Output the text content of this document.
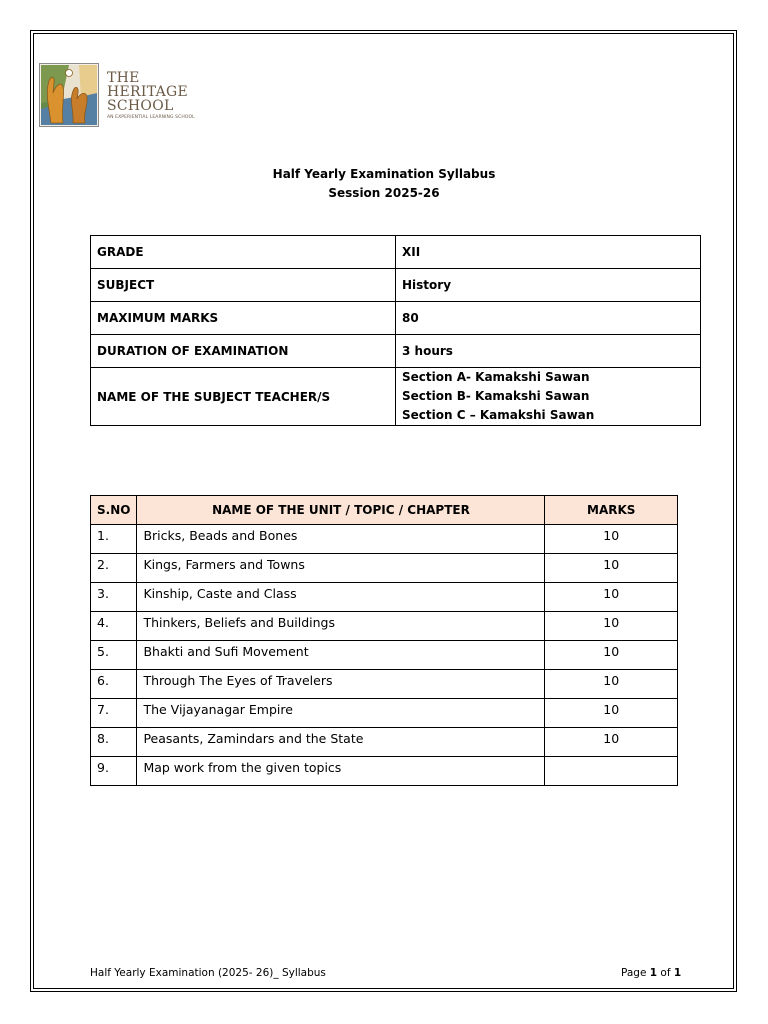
THE
HERITAGE
SCHOOL
AN EXPERIENTIAL LEARNING SCHOOL
Half Yearly Examination Syllabus
Session 2025-26
GRADE	XII
SUBJECT	History
MAXIMUM MARKS	80
DURATION OF EXAMINATION	3 hours
NAME OF THE SUBJECT TEACHER/S	Section A- Kamakshi Sawan
Section B- Kamakshi Sawan
Section C – Kamakshi Sawan
S.NO	NAME OF THE UNIT / TOPIC / CHAPTER	MARKS
1.	Bricks, Beads and Bones	10
2.	Kings, Farmers and Towns	10
3.	Kinship, Caste and Class	10
4.	Thinkers, Beliefs and Buildings	10
5.	Bhakti and Sufi Movement	10
6.	Through The Eyes of Travelers	10
7.	The Vijayanagar Empire	10
8.	Peasants, Zamindars and the State	10
9.	Map work from the given topics	
Half Yearly Examination (2025- 26)_ Syllabus	Page 1 of 1
